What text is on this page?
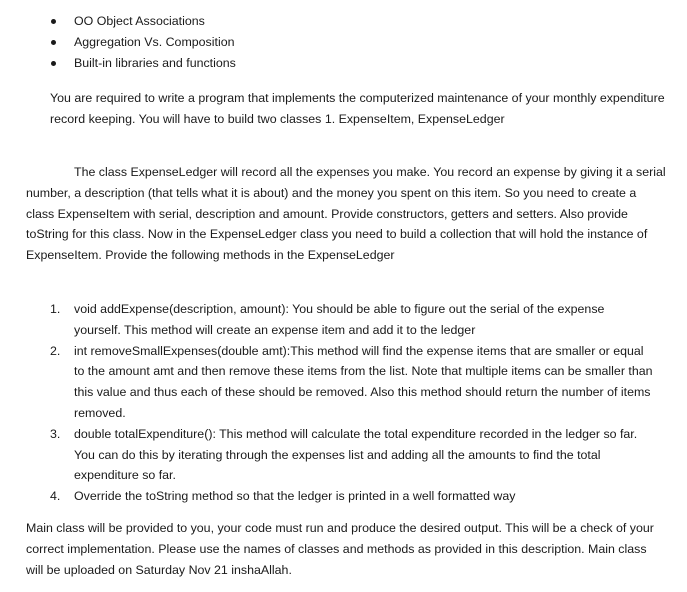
OO Object Associations
Aggregation Vs. Composition
Built-in libraries and functions

You are required to write a program that implements the computerized maintenance of your monthly expenditure record keeping. You will have to build two classes 1. ExpenseItem, ExpenseLedger

The class ExpenseLedger will record all the expenses you make. You record an expense by giving it a serial number, a description (that tells what it is about) and the money you spent on this item. So you need to create a class ExpenseItem with serial, description and amount. Provide constructors, getters and setters. Also provide toString for this class. Now in the ExpenseLedger class you need to build a collection that will hold the instance of ExpenseItem. Provide the following methods in the ExpenseLedger

1. void addExpense(description, amount): You should be able to figure out the serial of the expense yourself. This method will create an expense item and add it to the ledger
2. int removeSmallExpenses(double amt):This method will find the expense items that are smaller or equal to the amount amt and then remove these items from the list. Note that multiple items can be smaller than this value and thus each of these should be removed. Also this method should return the number of items removed.
3. double totalExpenditure(): This method will calculate the total expenditure recorded in the ledger so far. You can do this by iterating through the expenses list and adding all the amounts to find the total expenditure so far.
4. Override the toString method so that the ledger is printed in a well formatted way

Main class will be provided to you, your code must run and produce the desired output. This will be a check of your correct implementation. Please use the names of classes and methods as provided in this description. Main class will be uploaded on Saturday Nov 21 inshaAllah.
